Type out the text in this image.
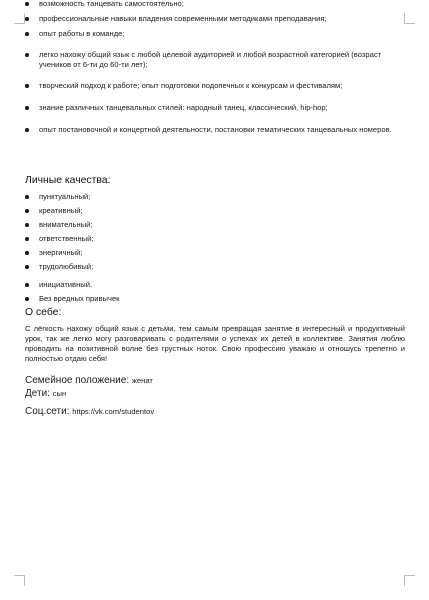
возможность танцевать самостоятельно;
профессиональные навыки владения современными методиками преподавания;
опыт работы в команде;
легко нахожу общий язык с любой целевой аудиторией и любой возрастной категорией (возраст учеников от 6-ти до 60-ти лет);
творческий подход к работе; опыт подготовки подопечных к конкурсам и фестивалям;
знание различных танцевальных стилей: народный танец, классический, hip-hop;
опыт постановочной и концертной деятельности, постановки тематических танцевальных номеров.
Личные качества:
пунктуальный;
креативный;
внимательный;
ответственный;
энергичный;
трудолюбивый;
инициативный.
Без вредных привычек
О себе:

С лёгкость нахожу общий язык с детьми, тем самым превращая занятие в интересный и продуктивный урок, так же легко могу разговаривать с родителями о успехах их детей в коллективе. Занятия люблю проводить на позитивной волне без грустных ноток. Свою профессию уважаю и отношусь трепетно и полностью отдаю себя!

Семейное положение: женат

Дети: сын

Соц.сети: https://vk.com/studentov
